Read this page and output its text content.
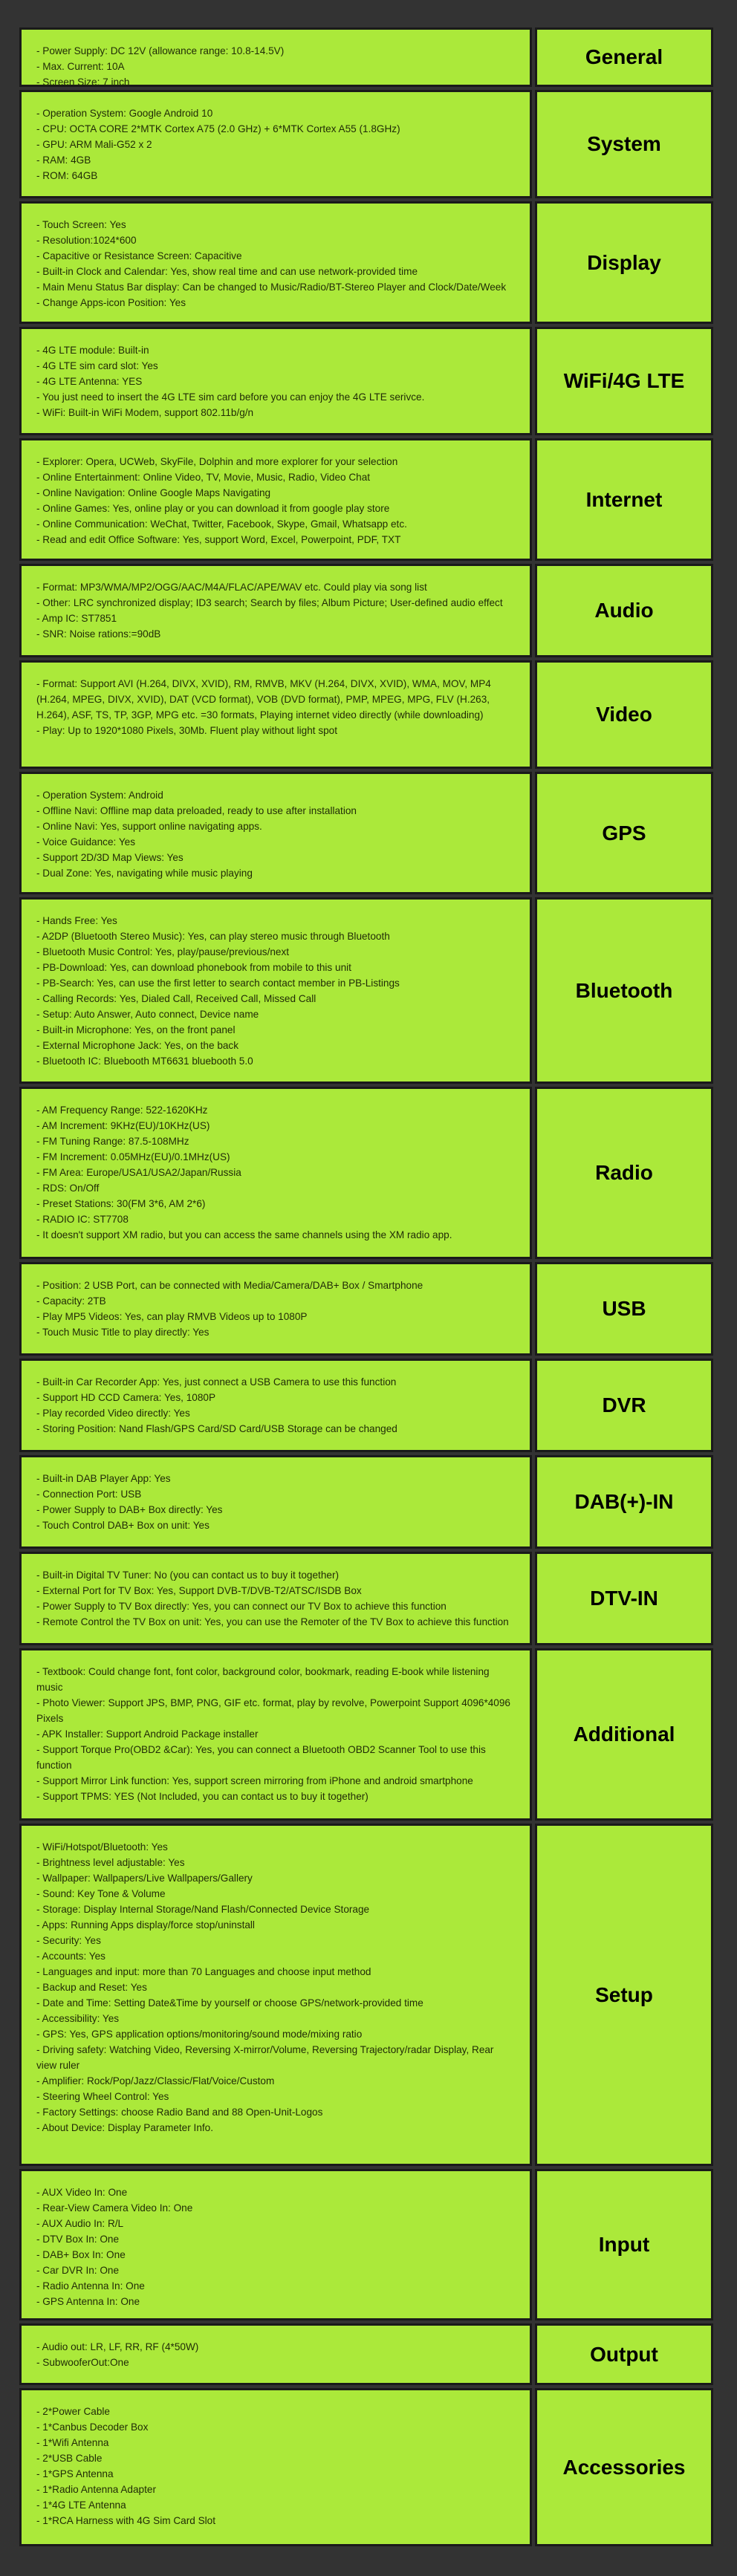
- Power Supply: DC 12V (allowance range: 10.8-14.5V)
- Max. Current: 10A
- Screen Size: 7 inch
General
- Operation System: Google Android 10
- CPU: OCTA CORE 2*MTK Cortex A75 (2.0 GHz) + 6*MTK Cortex A55 (1.8GHz)
- GPU: ARM Mali-G52 x 2
- RAM: 4GB
- ROM: 64GB
System
- Touch Screen: Yes
- Resolution:1024*600
- Capacitive or Resistance Screen: Capacitive
- Built-in Clock and Calendar: Yes, show real time and can use network-provided time
- Main Menu Status Bar display: Can be changed to Music/Radio/BT-Stereo Player and Clock/Date/Week
- Change Apps-icon Position: Yes
Display
- 4G LTE module: Built-in
- 4G LTE sim card slot: Yes
- 4G LTE Antenna: YES
- You just need to insert the 4G LTE sim card before you can enjoy the 4G LTE serivce.
- WiFi: Built-in WiFi Modem, support 802.11b/g/n
WiFi/4G LTE
- Explorer: Opera, UCWeb, SkyFile, Dolphin and more explorer for your selection
- Online Entertainment: Online Video, TV, Movie, Music, Radio, Video Chat
- Online Navigation: Online Google Maps Navigating
- Online Games: Yes, online play or you can download it from google play store
- Online Communication: WeChat, Twitter, Facebook, Skype, Gmail, Whatsapp etc.
- Read and edit Office Software: Yes, support Word, Excel, Powerpoint, PDF, TXT
Internet
- Format: MP3/WMA/MP2/OGG/AAC/M4A/FLAC/APE/WAV etc. Could play via song list
- Other: LRC synchronized display; ID3 search; Search by files; Album Picture; User-defined audio effect
- Amp IC: ST7851
- SNR: Noise rations:=90dB
Audio
- Format: Support AVI (H.264, DIVX, XVID), RM, RMVB, MKV (H.264, DIVX, XVID), WMA, MOV, MP4 (H.264, MPEG, DIVX, XVID), DAT (VCD format), VOB (DVD format), PMP, MPEG, MPG, FLV (H.263, H.264), ASF, TS, TP, 3GP, MPG etc. =30 formats, Playing internet video directly (while downloading)
- Play: Up to 1920*1080 Pixels, 30Mb. Fluent play without light spot
Video
- Operation System: Android
- Offline Navi: Offline map data preloaded, ready to use after installation
- Online Navi: Yes, support online navigating apps.
- Voice Guidance: Yes
- Support 2D/3D Map Views: Yes
- Dual Zone: Yes, navigating while music playing
GPS
- Hands Free: Yes
- A2DP (Bluetooth Stereo Music): Yes, can play stereo music through Bluetooth
- Bluetooth Music Control: Yes, play/pause/previous/next
- PB-Download: Yes, can download phonebook from mobile to this unit
- PB-Search: Yes, can use the first letter to search contact member in PB-Listings
- Calling Records: Yes, Dialed Call, Received Call, Missed Call
- Setup: Auto Answer, Auto connect, Device name
- Built-in Microphone: Yes, on the front panel
- External Microphone Jack: Yes, on the back
- Bluetooth IC: Bluebooth MT6631 bluebooth 5.0
Bluetooth
- AM Frequency Range: 522-1620KHz
- AM Increment: 9KHz(EU)/10KHz(US)
- FM Tuning Range: 87.5-108MHz
- FM Increment: 0.05MHz(EU)/0.1MHz(US)
- FM Area: Europe/USA1/USA2/Japan/Russia
- RDS: On/Off
- Preset Stations: 30(FM 3*6, AM 2*6)
- RADIO IC: ST7708
- It doesn't support XM radio, but you can access the same channels using the XM radio app.
Radio
- Position: 2 USB Port, can be connected with Media/Camera/DAB+ Box / Smartphone
- Capacity: 2TB
- Play MP5 Videos: Yes, can play RMVB Videos up to 1080P
- Touch Music Title to play directly: Yes
USB
- Built-in Car Recorder App: Yes, just connect a USB Camera to use this function
- Support HD CCD Camera: Yes, 1080P
- Play recorded Video directly: Yes
- Storing Position: Nand Flash/GPS Card/SD Card/USB Storage can be changed
DVR
- Built-in DAB Player App: Yes
- Connection Port: USB
- Power Supply to DAB+ Box directly: Yes
- Touch Control DAB+ Box on unit: Yes
DAB(+)-IN
- Built-in Digital TV Tuner: No (you can contact us to buy it together)
- External Port for TV Box: Yes, Support DVB-T/DVB-T2/ATSC/ISDB Box
- Power Supply to TV Box directly: Yes, you can connect our TV Box to achieve this function
- Remote Control the TV Box on unit: Yes, you can use the Remoter of the TV Box to achieve this function
DTV-IN
- Textbook: Could change font, font color, background color, bookmark, reading E-book while listening music
- Photo Viewer: Support JPS, BMP, PNG, GIF etc. format, play by revolve, Powerpoint Support 4096*4096 Pixels
- APK Installer: Support Android Package installer
- Support Torque Pro(OBD2 &Car): Yes, you can connect a Bluetooth OBD2 Scanner Tool to use this function
- Support Mirror Link function: Yes, support screen mirroring from iPhone and android smartphone
- Support TPMS: YES (Not Included, you can contact us to buy it together)
Additional
- WiFi/Hotspot/Bluetooth: Yes
- Brightness level adjustable: Yes
- Wallpaper: Wallpapers/Live Wallpapers/Gallery
- Sound: Key Tone & Volume
- Storage: Display Internal Storage/Nand Flash/Connected Device Storage
- Apps: Running Apps display/force stop/uninstall
- Security: Yes
- Accounts: Yes
- Languages and input: more than 70 Languages and choose input method
- Backup and Reset: Yes
- Date and Time: Setting Date&Time by yourself or choose GPS/network-provided time
- Accessibility: Yes
- GPS: Yes, GPS application options/monitoring/sound mode/mixing ratio
- Driving safety: Watching Video, Reversing X-mirror/Volume, Reversing Trajectory/radar Display, Rear view ruler
- Amplifier: Rock/Pop/Jazz/Classic/Flat/Voice/Custom
- Steering Wheel Control: Yes
- Factory Settings: choose Radio Band and 88 Open-Unit-Logos
- About Device: Display Parameter Info.
Setup
- AUX Video In: One
- Rear-View Camera Video In: One
- AUX Audio In: R/L
- DTV Box In: One
- DAB+ Box In: One
- Car DVR In: One
- Radio Antenna In: One
- GPS Antenna In: One
Input
- Audio out: LR, LF, RR, RF (4*50W)
- SubwooferOut:One	Output
- 2*Power Cable
- 1*Canbus Decoder Box
- 1*Wifi Antenna
- 2*USB Cable
- 1*GPS Antenna
- 1*Radio Antenna Adapter
- 1*4G LTE Antenna
- 1*RCA Harness with 4G Sim Card Slot
Accessories
